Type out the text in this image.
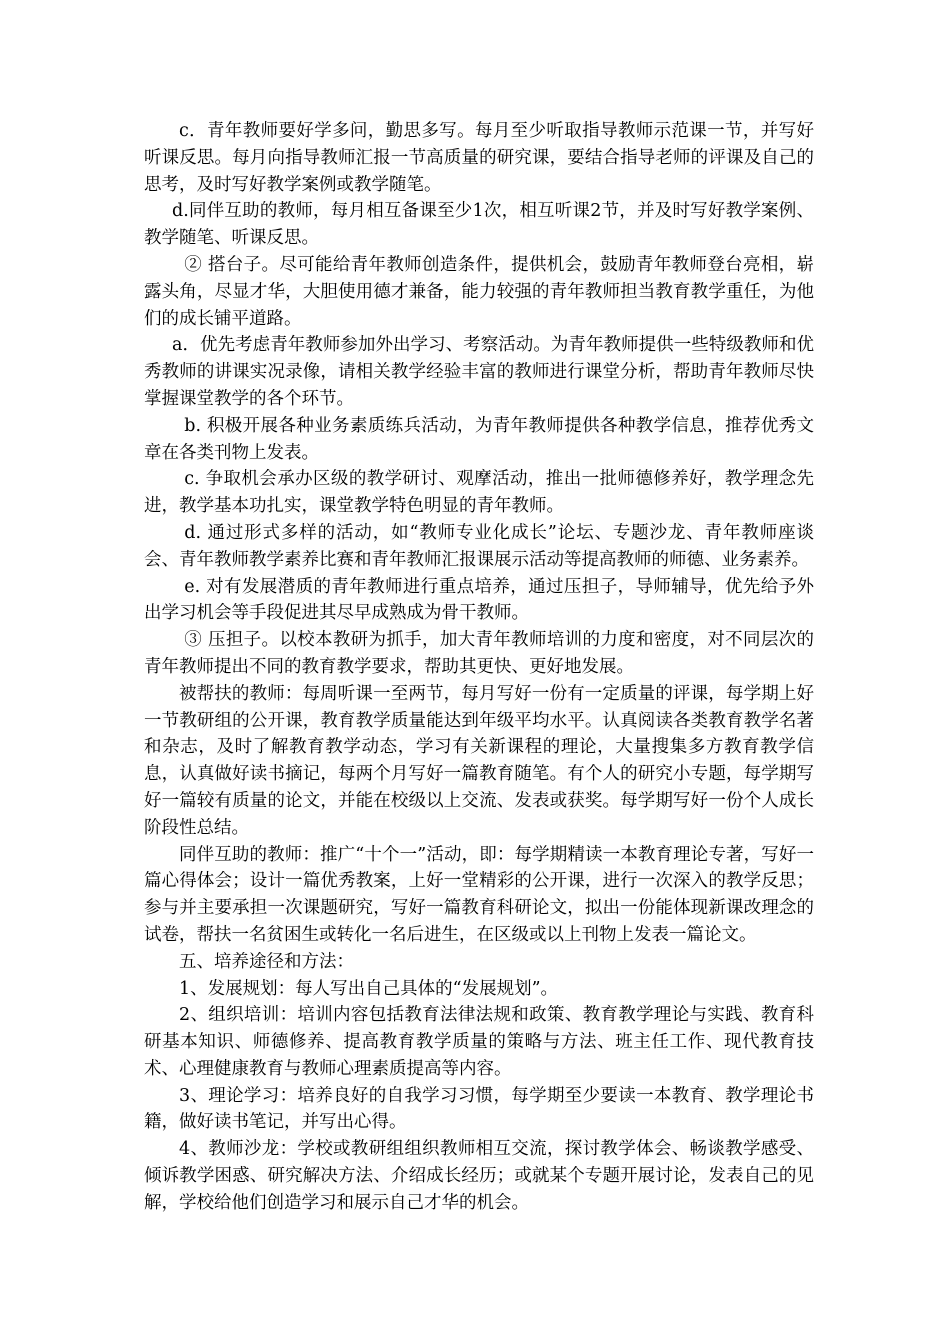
c．青年教师要好学多问，勤思多写。每月至少听取指导教师示范课一节，并写好听课反思。每月向指导教师汇报一节高质量的研究课，要结合指导老师的评课及自己的思考，及时写好教学案例或教学随笔。

d.同伴互助的教师，每月相互备课至少1次，相互听课2节，并及时写好教学案例、教学随笔、听课反思。

② 搭台子。尽可能给青年教师创造条件，提供机会，鼓励青年教师登台亮相，崭露头角，尽显才华，大胆使用德才兼备，能力较强的青年教师担当教育教学重任，为他们的成长铺平道路。

a．优先考虑青年教师参加外出学习、考察活动。为青年教师提供一些特级教师和优秀教师的讲课实况录像，请相关教学经验丰富的教师进行课堂分析，帮助青年教师尽快掌握课堂教学的各个环节。

b. 积极开展各种业务素质练兵活动，为青年教师提供各种教学信息，推荐优秀文章在各类刊物上发表。

c. 争取机会承办区级的教学研讨、观摩活动，推出一批师德修养好，教学理念先进，教学基本功扎实，课堂教学特色明显的青年教师。

d. 通过形式多样的活动，如“教师专业化成长”论坛、专题沙龙、青年教师座谈会、青年教师教学素养比赛和青年教师汇报课展示活动等提高教师的师德、业务素养。

e. 对有发展潜质的青年教师进行重点培养，通过压担子，导师辅导，优先给予外出学习机会等手段促进其尽早成熟成为骨干教师。

③ 压担子。以校本教研为抓手，加大青年教师培训的力度和密度，对不同层次的青年教师提出不同的教育教学要求，帮助其更快、更好地发展。

被帮扶的教师：每周听课一至两节，每月写好一份有一定质量的评课，每学期上好一节教研组的公开课，教育教学质量能达到年级平均水平。认真阅读各类教育教学名著和杂志，及时了解教育教学动态，学习有关新课程的理论，大量搜集多方教育教学信息，认真做好读书摘记，每两个月写好一篇教育随笔。有个人的研究小专题，每学期写好一篇较有质量的论文，并能在校级以上交流、发表或获奖。每学期写好一份个人成长阶段性总结。

同伴互助的教师：推广“十个一”活动，即：每学期精读一本教育理论专著，写好一篇心得体会；设计一篇优秀教案，上好一堂精彩的公开课，进行一次深入的教学反思；参与并主要承担一次课题研究，写好一篇教育科研论文，拟出一份能体现新课改理念的试卷，帮扶一名贫困生或转化一名后进生，在区级或以上刊物上发表一篇论文。

五、培养途径和方法：

1、发展规划：每人写出自己具体的“发展规划”。

2、组织培训：培训内容包括教育法律法规和政策、教育教学理论与实践、教育科研基本知识、师德修养、提高教育教学质量的策略与方法、班主任工作、现代教育技术、心理健康教育与教师心理素质提高等内容。

3、理论学习：培养良好的自我学习习惯，每学期至少要读一本教育、教学理论书籍，做好读书笔记，并写出心得。

4、教师沙龙：学校或教研组组织教师相互交流，探讨教学体会、畅谈教学感受、倾诉教学困惑、研究解决方法、介绍成长经历；或就某个专题开展讨论，发表自己的见解，学校给他们创造学习和展示自己才华的机会。
